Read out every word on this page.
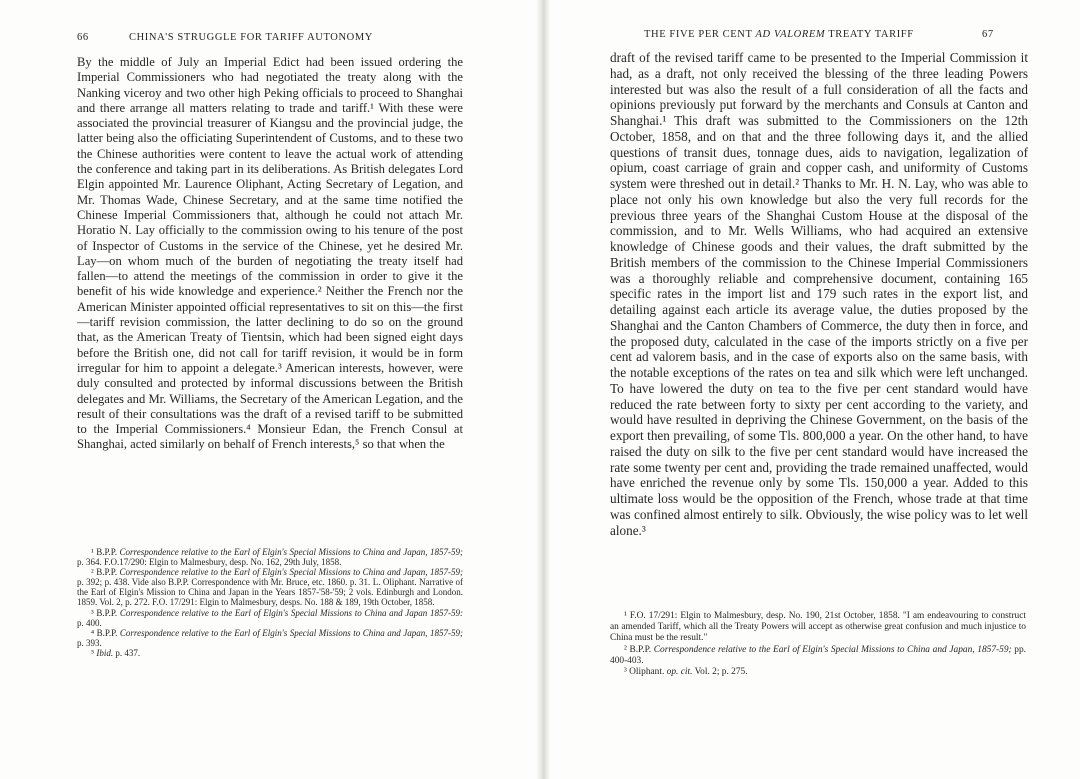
66	CHINA'S STRUGGLE FOR TARIFF AUTONOMY

By the middle of July an Imperial Edict had been issued ordering the Imperial Commissioners who had negotiated the treaty along with the Nanking viceroy and two other high Peking officials to proceed to Shanghai and there arrange all matters relating to trade and tariff.¹ With these were associated the provincial treasurer of Kiangsu and the provincial judge, the latter being also the officiating Superintendent of Customs, and to these two the Chinese authorities were content to leave the actual work of attending the conference and taking part in its deliberations. As British delegates Lord Elgin appointed Mr. Laurence Oliphant, Acting Secretary of Legation, and Mr. Thomas Wade, Chinese Secretary, and at the same time notified the Chinese Imperial Commissioners that, although he could not attach Mr. Horatio N. Lay officially to the commission owing to his tenure of the post of Inspector of Customs in the service of the Chinese, yet he desired Mr. Lay—on whom much of the burden of negotiating the treaty itself had fallen—to attend the meetings of the commission in order to give it the benefit of his wide knowledge and experience.² Neither the French nor the American Minister appointed official representatives to sit on this—the first—tariff revision commission, the latter declining to do so on the ground that, as the American Treaty of Tientsin, which had been signed eight days before the British one, did not call for tariff revision, it would be in form irregular for him to appoint a delegate.³ American interests, however, were duly consulted and protected by informal discussions between the British delegates and Mr. Williams, the Secretary of the American Legation, and the result of their consultations was the draft of a revised tariff to be submitted to the Imperial Commissioners.⁴ Monsieur Edan, the French Consul at Shanghai, acted similarly on behalf of French interests,⁵ so that when the

¹ B.P.P. Correspondence relative to the Earl of Elgin's Special Missions to China and Japan, 1857-59; p. 364. F.O.17/290: Elgin to Malmesbury, desp. No. 162, 29th July, 1858.

² B.P.P. Correspondence relative to the Earl of Elgin's Special Missions to China and Japan, 1857-59; p. 392; p. 438. Vide also B.P.P. Correspondence with Mr. Bruce, etc. 1860. p. 31. L. Oliphant. Narrative of the Earl of Elgin's Mission to China and Japan in the Years 1857-'58-'59; 2 vols. Edinburgh and London. 1859. Vol. 2, p. 272. F.O. 17/291: Elgin to Malmesbury, desps. No. 188 & 189, 19th October, 1858.

³ B.P.P. Correspondence relative to the Earl of Elgin's Special Missions to China and Japan 1857-59: p. 400.

⁴ B.P.P. Correspondence relative to the Earl of Elgin's Special Missions to China and Japan, 1857-59; p. 393.

⁵ Ibid. p. 437.

THE FIVE PER CENT AD VALOREM TREATY TARIFF	67

draft of the revised tariff came to be presented to the Imperial Commission it had, as a draft, not only received the blessing of the three leading Powers interested but was also the result of a full consideration of all the facts and opinions previously put forward by the merchants and Consuls at Canton and Shanghai.¹ This draft was submitted to the Commissioners on the 12th October, 1858, and on that and the three following days it, and the allied questions of transit dues, tonnage dues, aids to navigation, legalization of opium, coast carriage of grain and copper cash, and uniformity of Customs system were threshed out in detail.² Thanks to Mr. H. N. Lay, who was able to place not only his own knowledge but also the very full records for the previous three years of the Shanghai Custom House at the disposal of the commission, and to Mr. Wells Williams, who had acquired an extensive knowledge of Chinese goods and their values, the draft submitted by the British members of the commission to the Chinese Imperial Commissioners was a thoroughly reliable and comprehensive document, containing 165 specific rates in the import list and 179 such rates in the export list, and detailing against each article its average value, the duties proposed by the Shanghai and the Canton Chambers of Commerce, the duty then in force, and the proposed duty, calculated in the case of the imports strictly on a five per cent ad valorem basis, and in the case of exports also on the same basis, with the notable exceptions of the rates on tea and silk which were left unchanged. To have lowered the duty on tea to the five per cent standard would have reduced the rate between forty to sixty per cent according to the variety, and would have resulted in depriving the Chinese Government, on the basis of the export then prevailing, of some Tls. 800,000 a year. On the other hand, to have raised the duty on silk to the five per cent standard would have increased the rate some twenty per cent and, providing the trade remained unaffected, would have enriched the revenue only by some Tls. 150,000 a year. Added to this ultimate loss would be the opposition of the French, whose trade at that time was confined almost entirely to silk. Obviously, the wise policy was to let well alone.³

¹ F.O. 17/291: Elgin to Malmesbury, desp. No. 190, 21st October, 1858. "I am endeavouring to construct an amended Tariff, which all the Treaty Powers will accept as otherwise great confusion and much injustice to China must be the result."

² B.P.P. Correspondence relative to the Earl of Elgin's Special Missions to China and Japan, 1857-59; pp. 400-403.

³ Oliphant. op. cit. Vol. 2; p. 275.
